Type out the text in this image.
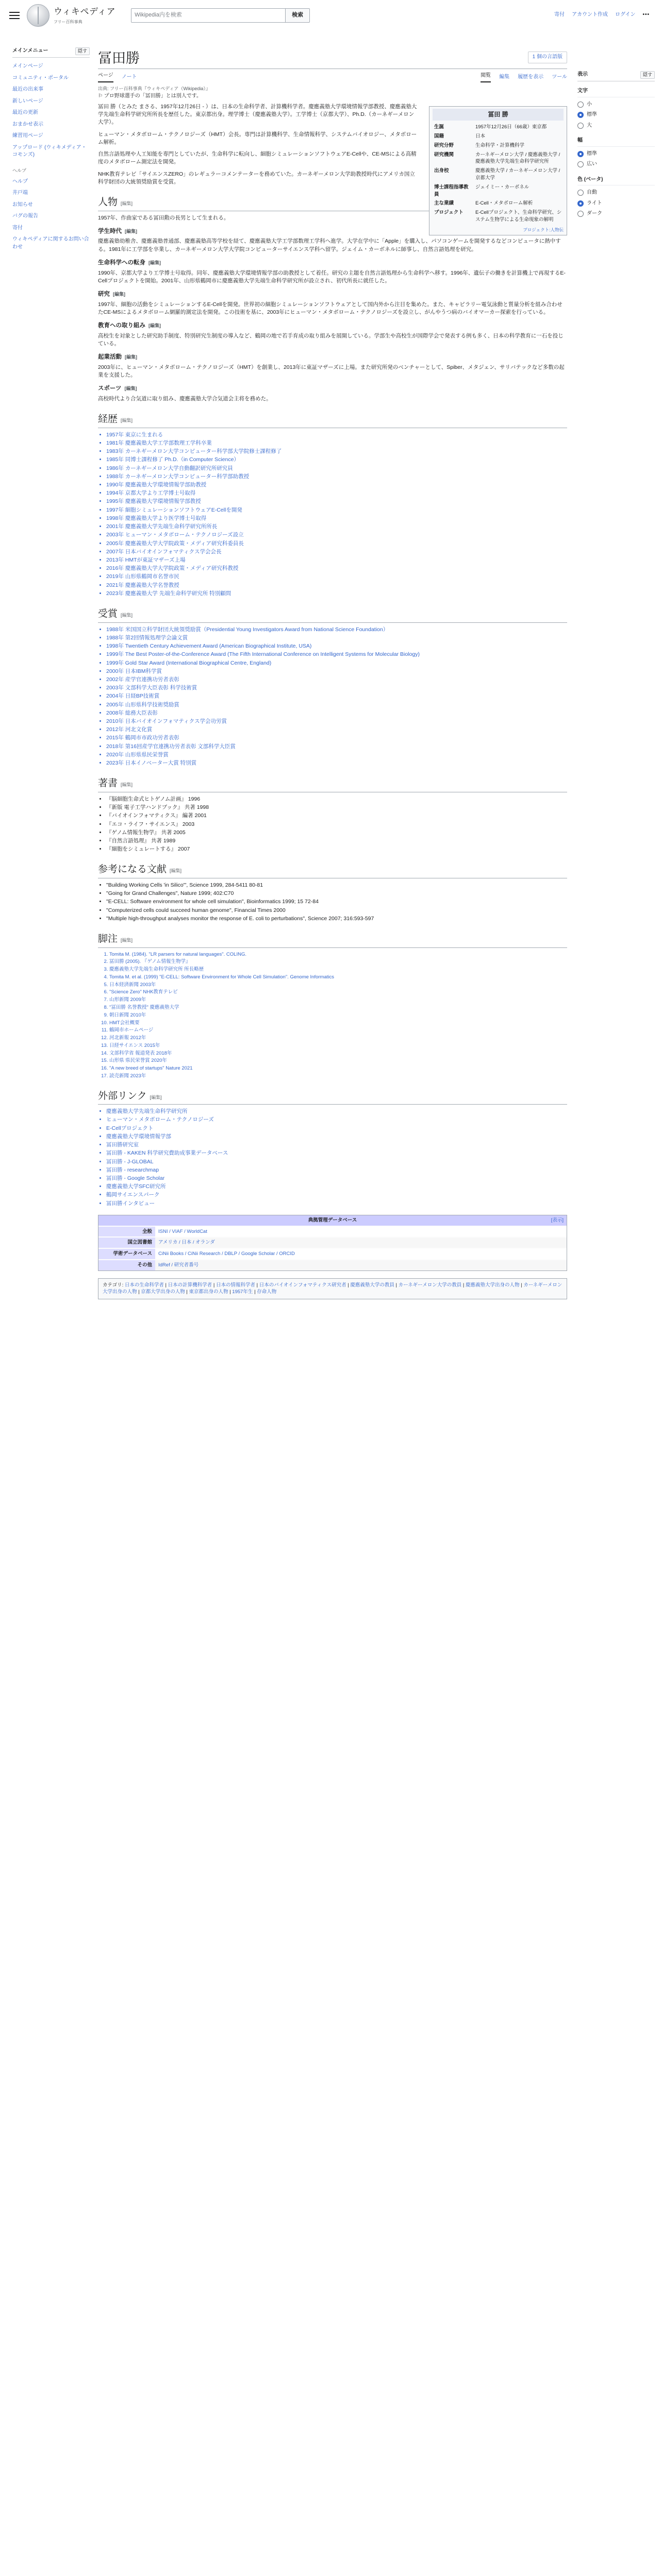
ウィキペディア
フリー百科事典
Wikipedia内を検索	検索	寄付 アカウント作成 ログイン •••
メインメニュー	隠す
メインページ
コミュニティ・ポータル
最近の出来事
新しいページ
最近の更新
おまかせ表示
練習用ページ
アップロード (ウィキメディア・コモンズ)
ヘルプ
ヘルプ
井戸端
お知らせ
バグの報告
寄付
ウィキペディアに関するお問い合わせ
冨田勝	1 個の言語版
ページ ノート	閲覧 編集 履歴を表示 ツール
出典: フリー百科事典『ウィキペディア（Wikipedia）』
⚐ プロ野球選手の「冨田勝」とは別人です。
表示	隠す
文字
小
標準
大
幅
標準
広い
色 (ベータ)
自動
ライト
ダーク
冨田 勝
生誕	1957年12月26日（66歳）東京都
国籍	日本
研究分野	生命科学・計算機科学
研究機関	カーネギーメロン大学 / 慶應義塾大学 / 慶應義塾大学先端生命科学研究所
出身校	慶應義塾大学 / カーネギーメロン大学 / 京都大学
博士課程指導教員	ジェイミー・カーボネル
主な業績	E-Cell・メタボローム解析
プロジェクト	E-Cellプロジェクト、生命科学研究、システム生物学による生命現象の解明
プロジェクト:人物伝

冨田 勝（とみた まさる、1957年12月26日 - ）は、日本の生命科学者、計算機科学者。慶應義塾大学環境情報学部教授、慶應義塾大学先端生命科学研究所所長を歴任した。東京都出身。理学博士（慶應義塾大学）。工学博士（京都大学）、Ph.D.（カーネギーメロン大学）。

ヒューマン・メタボローム・テクノロジーズ（HMT）会長。専門は計算機科学、生命情報科学、システムバイオロジー、メタボローム解析。

自然言語処理や人工知能を専門としていたが、生命科学に転向し、細胞シミュレーションソフトウェアE-Cellや、CE-MSによる高精度のメタボローム測定法を開発。

NHK教育テレビ「サイエンスZERO」のレギュラーコメンテーターを務めていた。カーネギーメロン大学助教授時代にアメリカ国立科学財団の大統領奨励賞を受賞。

人物 [編集]

1957年、作曲家である冨田勲の長男として生まれる。

学生時代 [編集]

慶應義塾幼稚舎、慶應義塾普通部、慶應義塾高等学校を経て、慶應義塾大学工学部数理工学科へ進学。大学在学中に「Apple」を購入し、パソコンゲームを開発するなどコンピュータに熱中する。1981年に工学部を卒業し、カーネギーメロン大学大学院コンピューターサイエンス学科へ留学。ジェイム・カーボネルに師事し、自然言語処理を研究。

生命科学への転身 [編集]

1990年、京都大学より工学博士号取得。同年、慶應義塾大学環境情報学部の助教授として着任。研究の主題を自然言語処理から生命科学へ移す。1996年、遺伝子の働きを計算機上で再現するE-Cellプロジェクトを開始。2001年、山形県鶴岡市に慶應義塾大学先端生命科学研究所が設立され、初代所長に就任した。

研究 [編集]

1997年、細胞の活動をシミュレーションするE-Cellを開発。世界初の細胞シミュレーションソフトウェアとして国内外から注目を集めた。また、キャピラリー電気泳動と質量分析を組み合わせたCE-MSによるメタボローム網羅的測定法を開発。この技術を基に、2003年にヒューマン・メタボローム・テクノロジーズを設立し、がんやうつ病のバイオマーカー探索を行っている。

教育への取り組み [編集]

高校生を対象とした研究助手制度、特別研究生制度の導入など、鶴岡の地で若手育成の取り組みを展開している。学部生や高校生が国際学会で発表する例も多く、日本の科学教育に一石を投じている。

起業活動 [編集]

2003年に、ヒューマン・メタボローム・テクノロジーズ（HMT）を創業し、2013年に東証マザーズに上場。また研究所発のベンチャーとして、Spiber、メタジェン、サリバテックなど多数の起業を支援した。

スポーツ [編集]

高校時代より合気道に取り組み、慶應義塾大学合気道会主将を務めた。

経歴 [編集]
• 1957年 東京に生まれる
• 1981年 慶應義塾大学工学部数理工学科卒業
• 1983年 カーネギーメロン大学コンピューター科学部大学院修士課程修了
• 1985年 同博士課程修了 Ph.D.（in Computer Science）
• 1986年 カーネギーメロン大学自動翻訳研究所研究員
• 1988年 カーネギーメロン大学コンピューター科学部助教授
• 1990年 慶應義塾大学環境情報学部助教授
• 1994年 京都大学より工学博士号取得
• 1995年 慶應義塾大学環境情報学部教授
• 1997年 細胞シミュレーションソフトウェアE-Cellを開発
• 1998年 慶應義塾大学より医学博士号取得
• 2001年 慶應義塾大学先端生命科学研究所所長
• 2003年 ヒューマン・メタボローム・テクノロジーズ設立
• 2005年 慶應義塾大学大学院政策・メディア研究科委員長
• 2007年 日本バイオインフォマティクス学会会長
• 2013年 HMTが東証マザーズ上場
• 2016年 慶應義塾大学大学院政策・メディア研究科教授
• 2019年 山形県鶴岡市名誉市民
• 2021年 慶應義塾大学名誉教授
• 2023年 慶應義塾大学 先端生命科学研究所 特別顧問
受賞 [編集]
• 1988年 米国国立科学財団大統領奨励賞（Presidential Young Investigators Award from National Science Foundation）
• 1988年 第2回情報処理学会論文賞
• 1998年 Twentieth Century Achievement Award (American Biographical Institute, USA)
• 1999年 The Best Poster-of-the-Conference Award (The Fifth International Conference on Intelligent Systems for Molecular Biology)
• 1999年 Gold Star Award (International Biographical Centre, England)
• 2000年 日本IBM科学賞
• 2002年 産学官連携功労者表彰
• 2003年 文部科学大臣表彰 科学技術賞
• 2004年 日経BP技術賞
• 2005年 山形県科学技術奨励賞
• 2008年 総務大臣表彰
• 2010年 日本バイオインフォマティクス学会功労賞
• 2012年 河北文化賞
• 2015年 鶴岡市市政功労者表彰
• 2018年 第16回産学官連携功労者表彰 文部科学大臣賞
• 2020年 山形県県民栄誉賞
• 2023年 日本イノベーター大賞 特別賞
著書 [編集]
• 『脳細胞生命式ヒトゲノム計画』 1996
• 『新版 電子工学ハンドブック』 共著 1998
• 『バイオインフォマティクス』 編著 2001
• 『エコ・ライフ・サイエンス』 2003
• 『ゲノム情報生物学』 共著 2005
• 『自然言語処理』 共著 1989
• 『細胞をシミュレートする』 2007
参考になる文献 [編集]
• "Building Working Cells 'in Silico'", Science 1999, 284-5411 80-81
• "Going for Grand Challenges", Nature 1999; 402:C70
• "E-CELL: Software environment for whole cell simulation", Bioinformatics 1999; 15 72-84
• "Computerized cells could succeed human genome", Financial Times 2000
• "Multiple high-throughput analyses monitor the response of E. coli to perturbations", Science 2007; 316:593-597
脚注 [編集]
1. Tomita M. (1984). "LR parsers for natural languages". COLING.
2. 冨田勝 (2005). 『ゲノム情報生物学』
3. 慶應義塾大学先端生命科学研究所 所長略歴
4. Tomita M. et al. (1999) "E-CELL: Software Environment for Whole Cell Simulation". Genome Informatics
5. 日本経済新聞 2003年
6. "Science Zero" NHK教育テレビ
7. 山形新聞 2009年
8. "冨田勝 名誉教授" 慶應義塾大学
9. 朝日新聞 2010年
10. HMT会社概要
11. 鶴岡市ホームページ
12. 河北新報 2012年
13. 日経サイエンス 2015年
14. 文部科学省 報道発表 2018年
15. 山形県 県民栄誉賞 2020年
16. "A new breed of startups" Nature 2021
17. 読売新聞 2023年
外部リンク [編集]
• 慶應義塾大学先端生命科学研究所
• ヒューマン・メタボローム・テクノロジーズ
• E-Cellプロジェクト
• 慶應義塾大学環境情報学部
• 冨田勝研究室
• 冨田勝 - KAKEN 科学研究費助成事業データベース
• 冨田勝 - J-GLOBAL
• 冨田勝 - researchmap
• 冨田勝 - Google Scholar
• 慶應義塾大学SFC研究所
• 鶴岡サイエンスパーク
• 冨田勝インタビュー
典拠管理データベース	[表示]
全般	ISNI / VIAF / WorldCat
国立図書館	アメリカ / 日本 / オランダ
学術データベース	CiNii Books / CiNii Research / DBLP / Google Scholar / ORCID
その他	IdRef / 研究者番号
カテゴリ: 日本の生命科学者 | 日本の計算機科学者 | 日本の情報科学者 | 日本のバイオインフォマティクス研究者 | 慶應義塾大学の教員 | カーネギーメロン大学の教員 | 慶應義塾大学出身の人物 | カーネギーメロン大学出身の人物 | 京都大学出身の人物 | 東京都出身の人物 | 1957年生 | 存命人物
